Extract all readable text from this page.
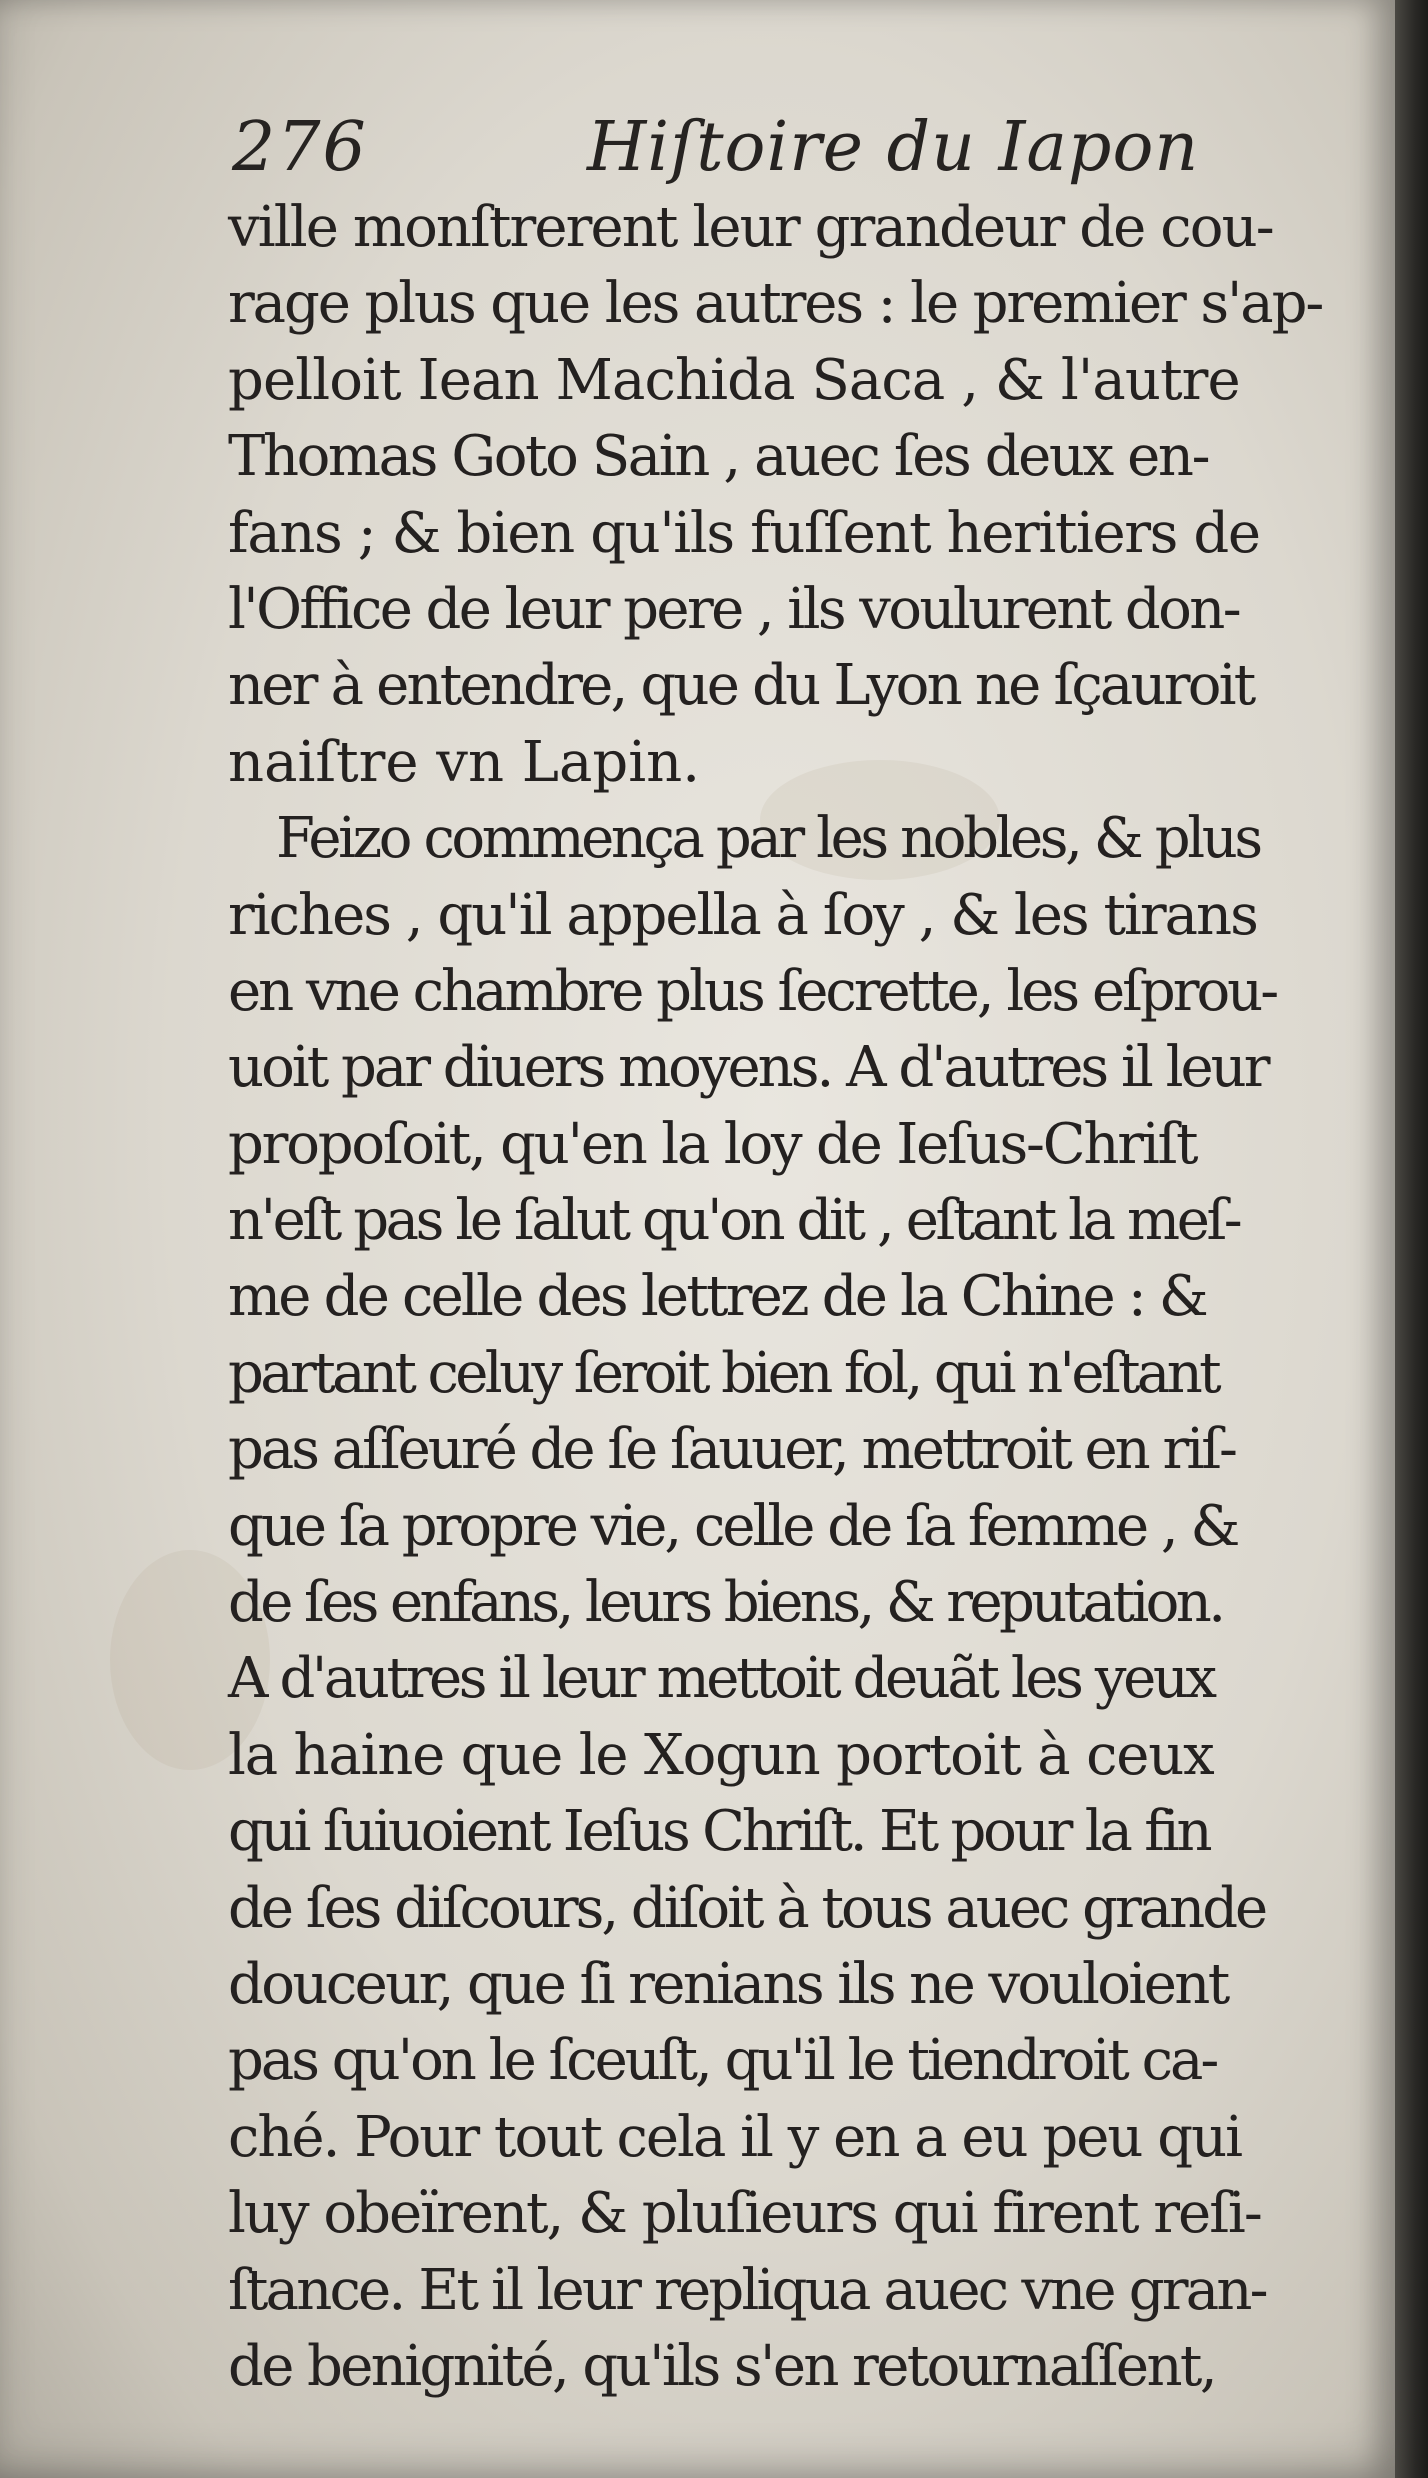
276	Hiſtoire du Iapon
ville monſtrerent leur grandeur de cou-
rage plus que les autres : le premier s'ap-
pelloit Iean Machida Saca , & l'autre
Thomas Goto Sain , auec ſes deux en-
fans ; & bien qu'ils fuſſent heritiers de
l'Office de leur pere , ils voulurent don-
ner à entendre, que du Lyon ne ſçauroit
naiſtre vn Lapin.
Feizo commença par les nobles, & plus
riches , qu'il appella à ſoy , & les tirans
en vne chambre plus ſecrette, les eſprou-
uoit par diuers moyens. A d'autres il leur
propoſoit, qu'en la loy de Ieſus-Chriſt
n'eſt pas le ſalut qu'on dit , eſtant la meſ-
me de celle des lettrez de la Chine : &
partant celuy ſeroit bien fol, qui n'eſtant
pas aſſeuré de ſe ſauuer, mettroit en riſ-
que ſa propre vie, celle de ſa femme , &
de ſes enfans, leurs biens, & reputation.
A d'autres il leur mettoit deuãt les yeux
la haine que le Xogun portoit à ceux
qui ſuiuoient Ieſus Chriſt. Et pour la fin
de ſes diſcours, diſoit à tous auec grande
douceur, que ſi renians ils ne vouloient
pas qu'on le ſceuſt, qu'il le tiendroit ca-
ché. Pour tout cela il y en a eu peu qui
luy obeïrent, & pluſieurs qui firent reſi-
ſtance. Et il leur repliqua auec vne gran-
de benignité, qu'ils s'en retournaſſent,
